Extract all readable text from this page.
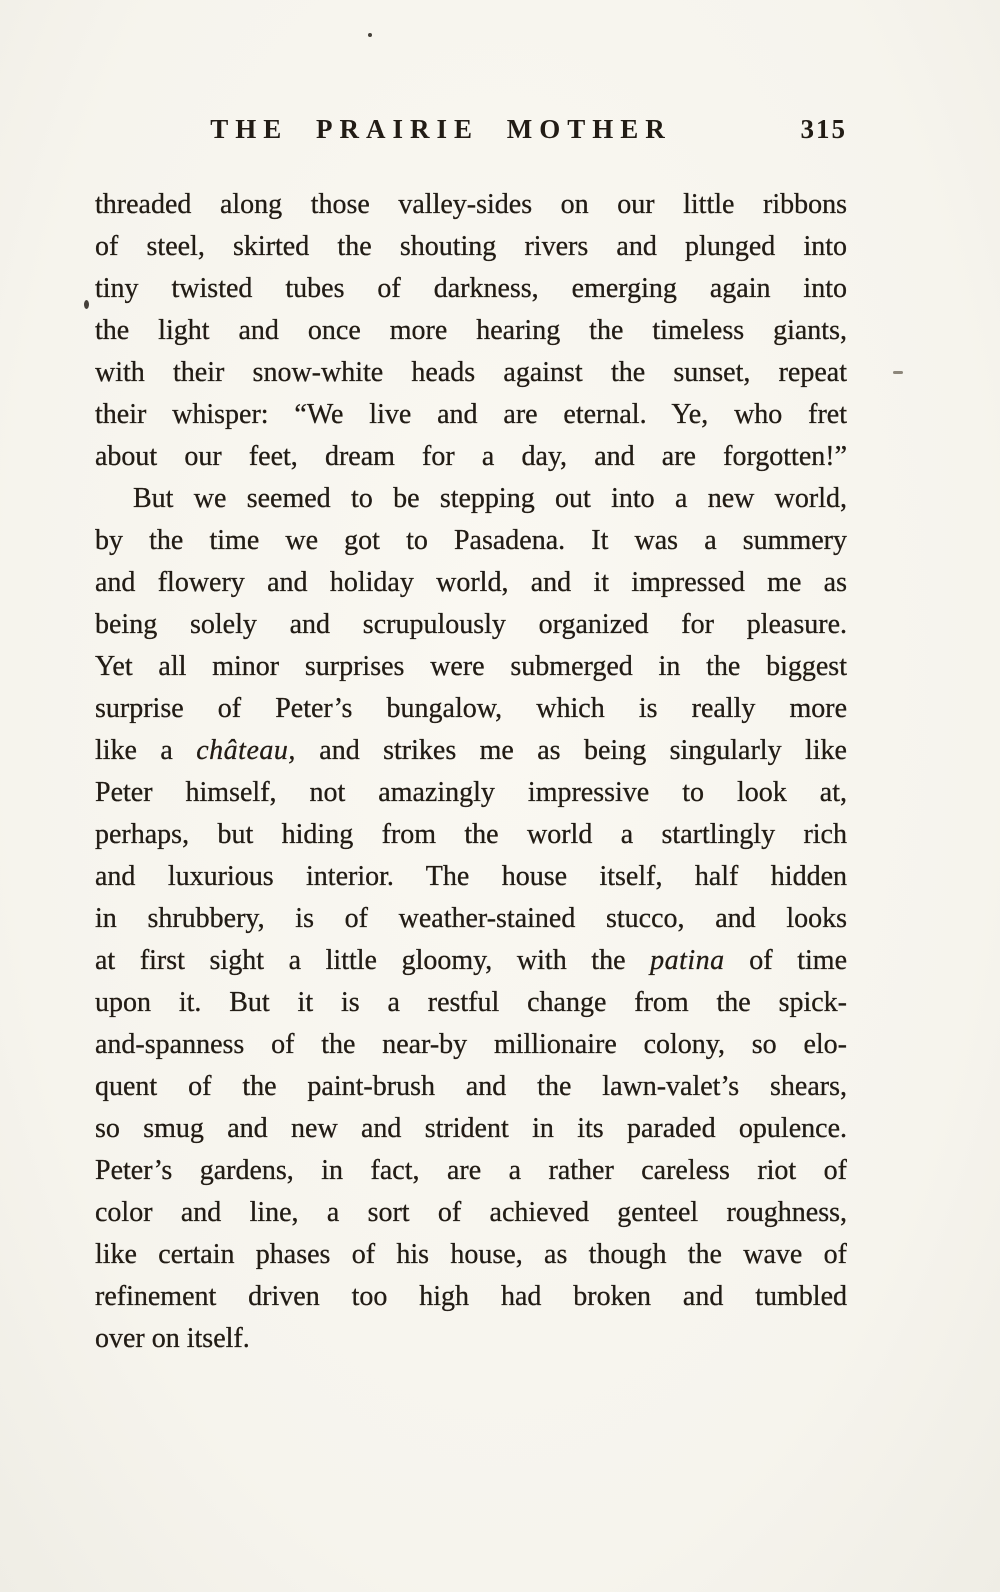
THE PRAIRIE MOTHER	315
threaded along those valley-sides on our little ribbons
of steel, skirted the shouting rivers and plunged into
tiny twisted tubes of darkness, emerging again into
the light and once more hearing the timeless giants,
with their snow-white heads against the sunset, repeat
their whisper: “We live and are eternal. Ye, who fret
about our feet, dream for a day, and are forgotten!”
But we seemed to be stepping out into a new world,
by the time we got to Pasadena. It was a summery
and flowery and holiday world, and it impressed me as
being solely and scrupulously organized for pleasure.
Yet all minor surprises were submerged in the biggest
surprise of Peter’s bungalow, which is really more
like a château, and strikes me as being singularly like
Peter himself, not amazingly impressive to look at,
perhaps, but hiding from the world a startlingly rich
and luxurious interior. The house itself, half hidden
in shrubbery, is of weather-stained stucco, and looks
at first sight a little gloomy, with the patina of time
upon it. But it is a restful change from the spick-
and-spanness of the near-by millionaire colony, so elo-
quent of the paint-brush and the lawn-valet’s shears,
so smug and new and strident in its paraded opulence.
Peter’s gardens, in fact, are a rather careless riot of
color and line, a sort of achieved genteel roughness,
like certain phases of his house, as though the wave of
refinement driven too high had broken and tumbled
over on itself.
